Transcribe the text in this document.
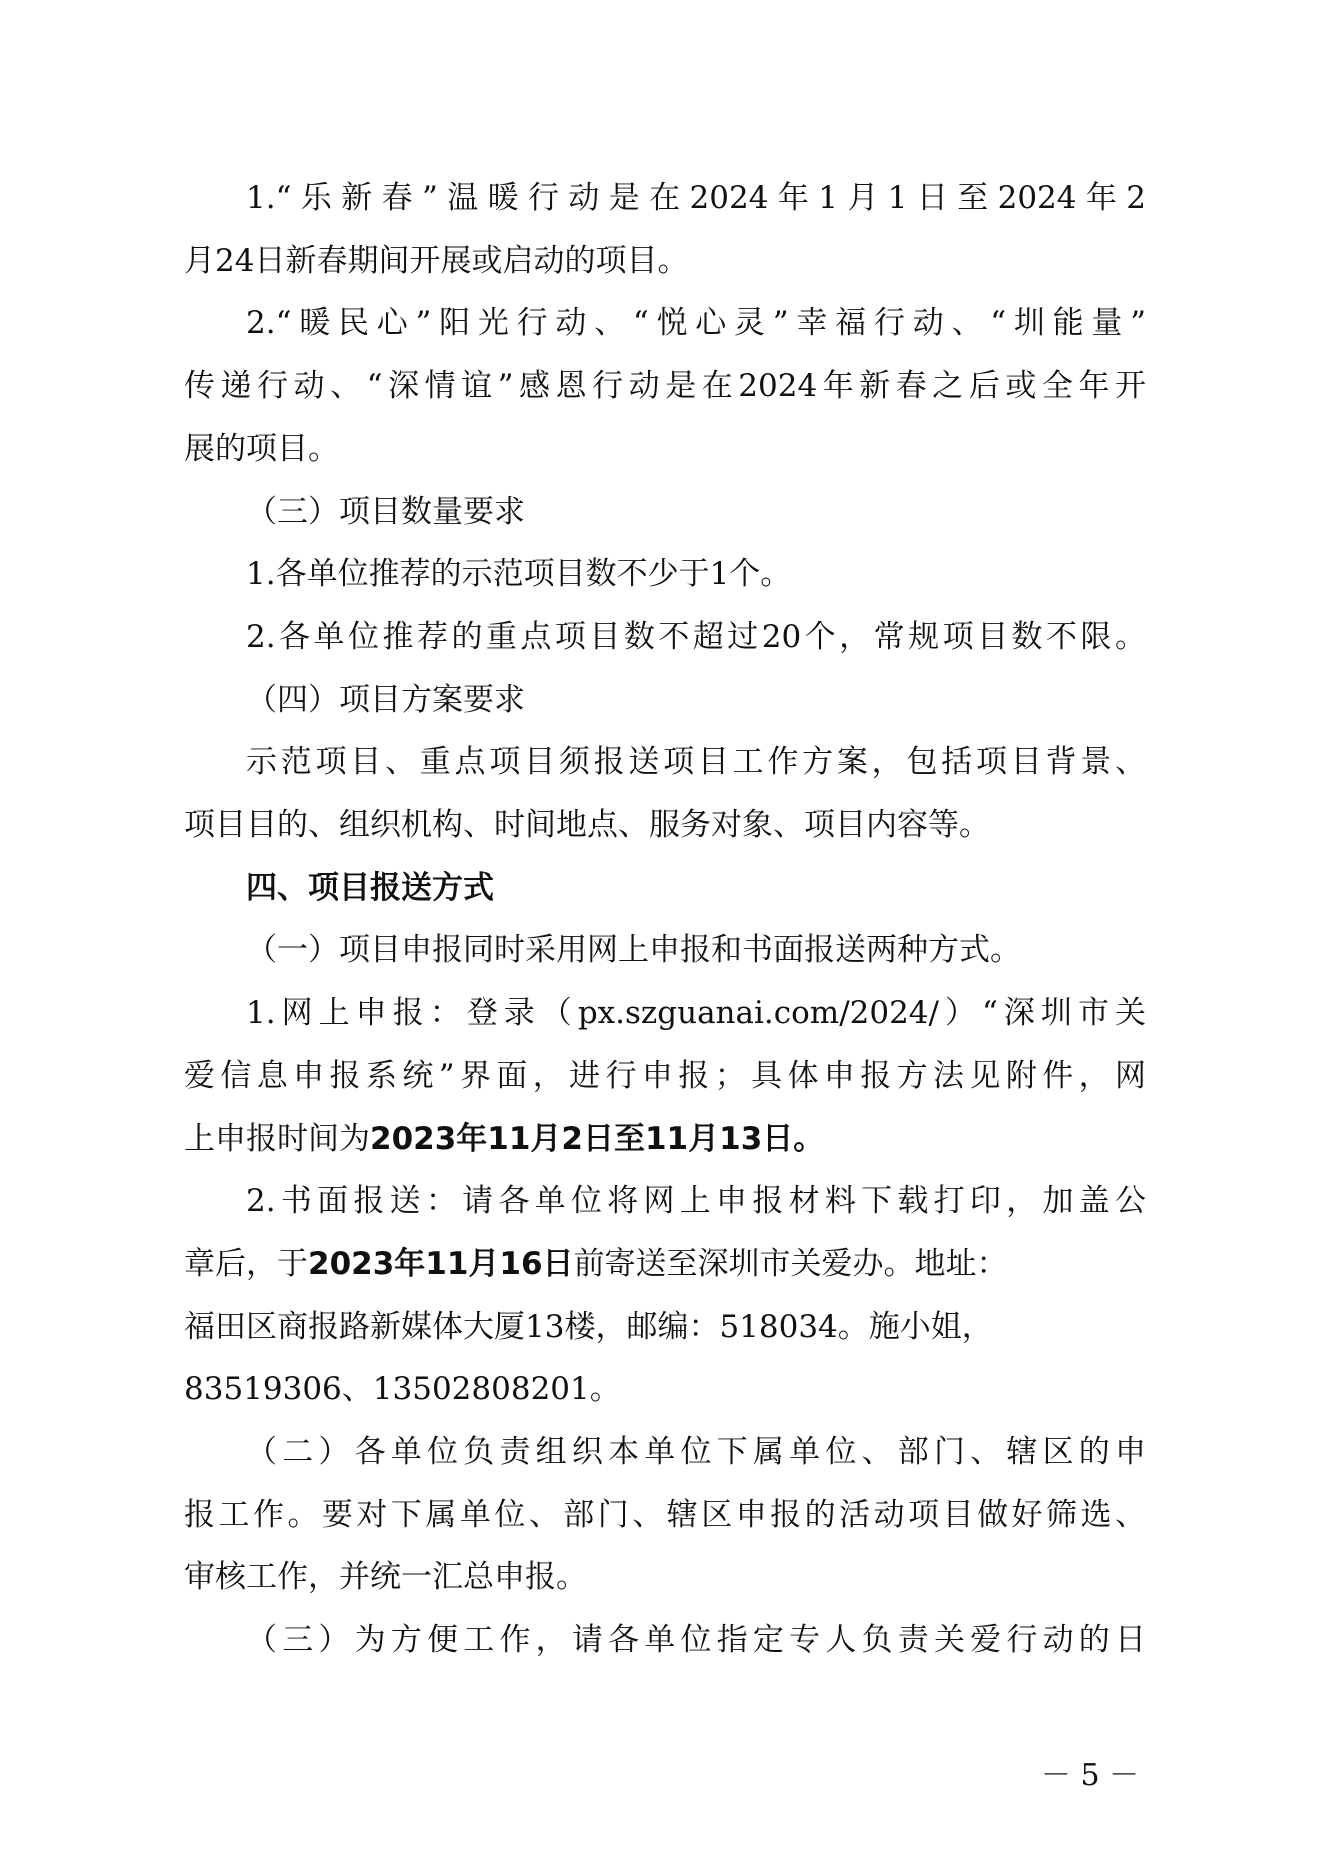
1.“乐新春”温暖行动是在2024年1月1日至2024年2
月24日新春期间开展或启动的项目。
2.“暖民心”阳光行动、“悦心灵”幸福行动、“圳能量”
传递行动、“深情谊”感恩行动是在2024年新春之后或全年开
展的项目。
（三）项目数量要求
1.各单位推荐的示范项目数不少于1个。
2.各单位推荐的重点项目数不超过20个，常规项目数不限。
（四）项目方案要求
示范项目、重点项目须报送项目工作方案，包括项目背景、
项目目的、组织机构、时间地点、服务对象、项目内容等。
四、项目报送方式
（一）项目申报同时采用网上申报和书面报送两种方式。
1.网上申报：登录（px.szguanai.com/2024/）“深圳市关
爱信息申报系统”界面，进行申报；具体申报方法见附件，网
上申报时间为2023年11月2日至11月13日。
2.书面报送：请各单位将网上申报材料下载打印，加盖公
章后，于2023年11月16日前寄送至深圳市关爱办。地址：
福田区商报路新媒体大厦13楼，邮编：518034。施小姐，
83519306、13502808201。
（二）各单位负责组织本单位下属单位、部门、辖区的申
报工作。要对下属单位、部门、辖区申报的活动项目做好筛选、
审核工作，并统一汇总申报。
（三）为方便工作，请各单位指定专人负责关爱行动的日
－ 5 －
